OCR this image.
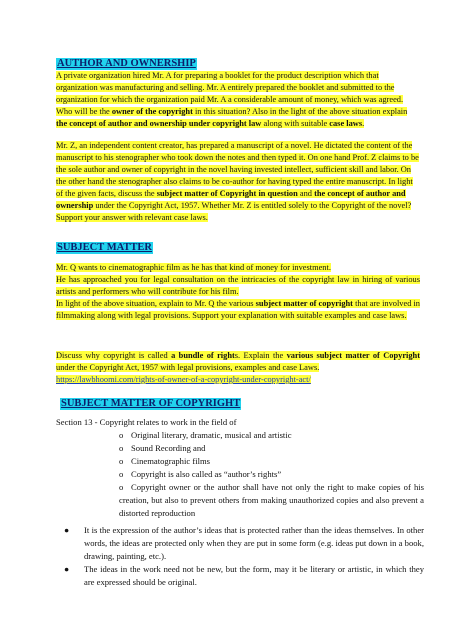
AUTHOR AND OWNERSHIP

A private organization hired Mr. A for preparing a booklet for the product description which that organization was manufacturing and selling. Mr. A entirely prepared the booklet and submitted to the organization for which the organization paid Mr. A a considerable amount of money, which was agreed. Who will be the owner of the copyright in this situation? Also in the light of the above situation explain the concept of author and ownership under copyright law along with suitable case laws.

Mr. Z, an independent content creator, has prepared a manuscript of a novel. He dictated the content of the manuscript to his stenographer who took down the notes and then typed it. On one hand Prof. Z claims to be the sole author and owner of copyright in the novel having invested intellect, sufficient skill and labor. On the other hand the stenographer also claims to be co-author for having typed the entire manuscript. In light of the given facts, discuss the subject matter of Copyright in question and the concept of author and ownership under the Copyright Act, 1957. Whether Mr. Z is entitled solely to the Copyright of the novel? Support your answer with relevant case laws.

SUBJECT MATTER

Mr. Q wants to cinematographic film as he has that kind of money for investment.
He has approached you for legal consultation on the intricacies of the copyright law in hiring of various artists and performers who will contribute for his film.
In light of the above situation, explain to Mr. Q the various subject matter of copyright that are involved in filmmaking along with legal provisions. Support your explanation with suitable examples and case laws.

Discuss why copyright is called a bundle of rights. Explain the various subject matter of Copyright under the Copyright Act, 1957 with legal provisions, examples and case Laws.
https://lawbhoomi.com/rights-of-owner-of-a-copyright-under-copyright-act/

SUBJECT MATTER OF COPYRIGHT
Section 13 - Copyright relates to work in the field of
o Original literary, dramatic, musical and artistic
o Sound Recording and
o Cinematographic films
o Copyright is also called as “author’s rights”
o Copyright owner or the author shall have not only the right to make copies of his creation, but also to prevent others from making unauthorized copies and also prevent a distorted reproduction
● It is the expression of the author’s ideas that is protected rather than the ideas themselves. In other words, the ideas are protected only when they are put in some form (e.g. ideas put down in a book, drawing, painting, etc.).
● The ideas in the work need not be new, but the form, may it be literary or artistic, in which they are expressed should be original.
